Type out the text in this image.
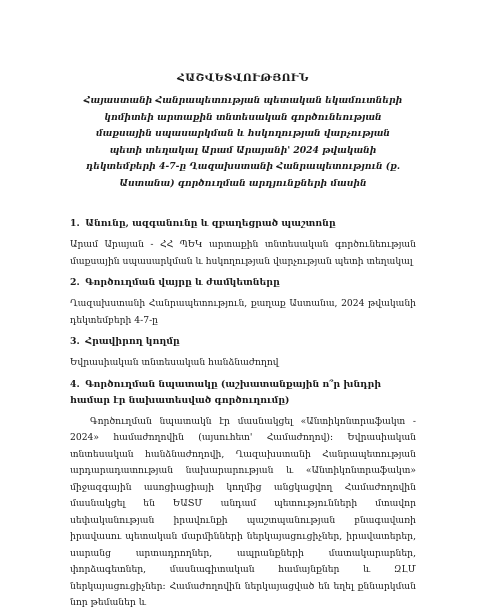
ՀԱՇՎԵՏՎՈՒԹՅՈՒՆ
Հայաստանի Հանրապետության պետական եկամուտների կոմիտեի արտաքին տնտեսական գործունեության մաքսային սպասարկման և հսկողության վարչության պետի տեղակալ Արամ Արայանի' 2024 թվականի դեկտեմբերի 4-7-ը Ղազախստանի Հանրապետություն (ք. Աստանա) գործուղման արդյունքների մասին
1. Անունը, ազգանունը և զբաղեցրած պաշտոնը
Արամ Արայան - ՀՀ ՊԵԿ արտաքին տնտեսական գործունեության մաքսային սպասարկման և հսկողության վարչության պետի տեղակալ
2. Գործուղման վայրը և ժամկետները
Ղազախստանի Հանրապետություն, քաղաք Աստանա, 2024 թվականի դեկտեմբերի 4-7-ը
3. Հրավիրող կողմը
Եվրասիական տնտեսական հանձնաժողով
4. Գործուղման նպատակը (աշխատանքային ո՞ր խնդրի համար էր նախատեսված գործուղումը)
Գործուղման նպատակն էր մասնակցել «Անտիկոնտրաֆակտ - 2024» համաժողովին (այսուհետ' Համաժողով): Եվրասիական տնտեսական հանձնաժողովի, Ղազախստանի Հանրապետության արդարադատության նախարարության և «Անտիկոնտրաֆակտ» միջազգային ասոցիացիայի կողմից անցկացվող Համաժողովին մասնակցել են ԵԱՏՄ անդամ պետությունների մտավոր սեփականության իրավունքի պաշտպանության բնագավառի իրավասու պետական մարմինների ներկայացուցիչներ, իրավատերեր, սարանց արտադրողներ, ապրանքների մատակարարներ, փորձագետներ, մասնագիտական համայնքներ և ԶԼՄ ներկայացուցիչներ: Համաժողովին ներկայացված են եղել քննարկման նոր թեմաներ և
